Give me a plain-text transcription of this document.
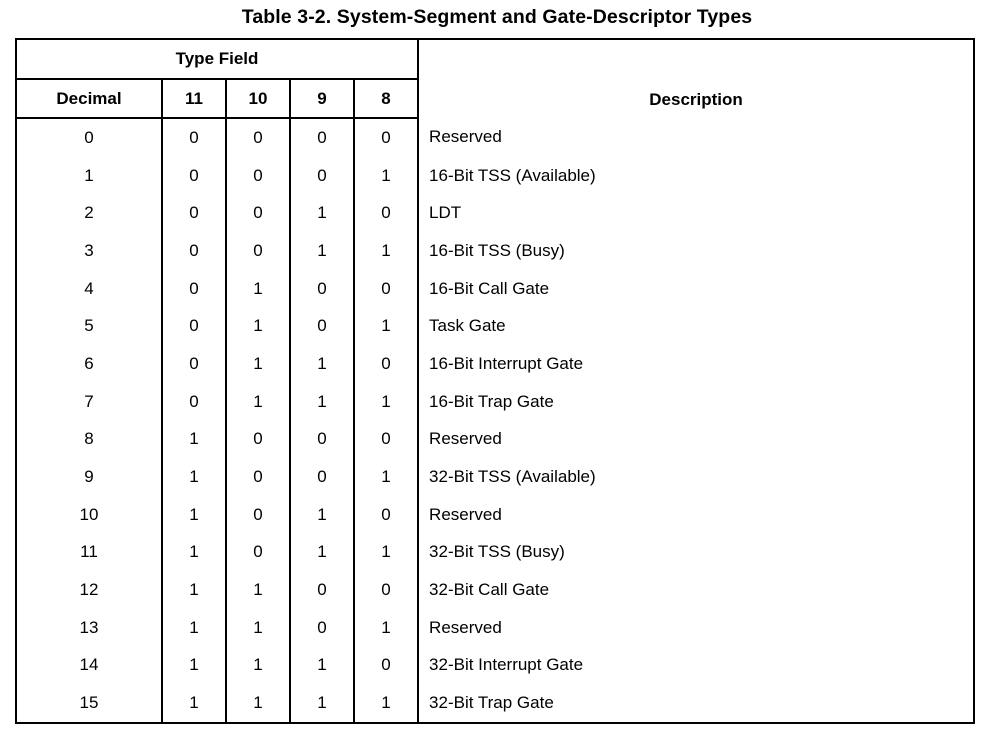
Table 3-2. System-Segment and Gate-Descriptor Types
Type Field					Description
Decimal	11	10	9	8	
0	0	0	0	0	Reserved
1	0	0	0	1	16-Bit TSS (Available)
2	0	0	1	0	LDT
3	0	0	1	1	16-Bit TSS (Busy)
4	0	1	0	0	16-Bit Call Gate
5	0	1	0	1	Task Gate
6	0	1	1	0	16-Bit Interrupt Gate
7	0	1	1	1	16-Bit Trap Gate
8	1	0	0	0	Reserved
9	1	0	0	1	32-Bit TSS (Available)
10	1	0	1	0	Reserved
11	1	0	1	1	32-Bit TSS (Busy)
12	1	1	0	0	32-Bit Call Gate
13	1	1	0	1	Reserved
14	1	1	1	0	32-Bit Interrupt Gate
15	1	1	1	1	32-Bit Trap Gate
